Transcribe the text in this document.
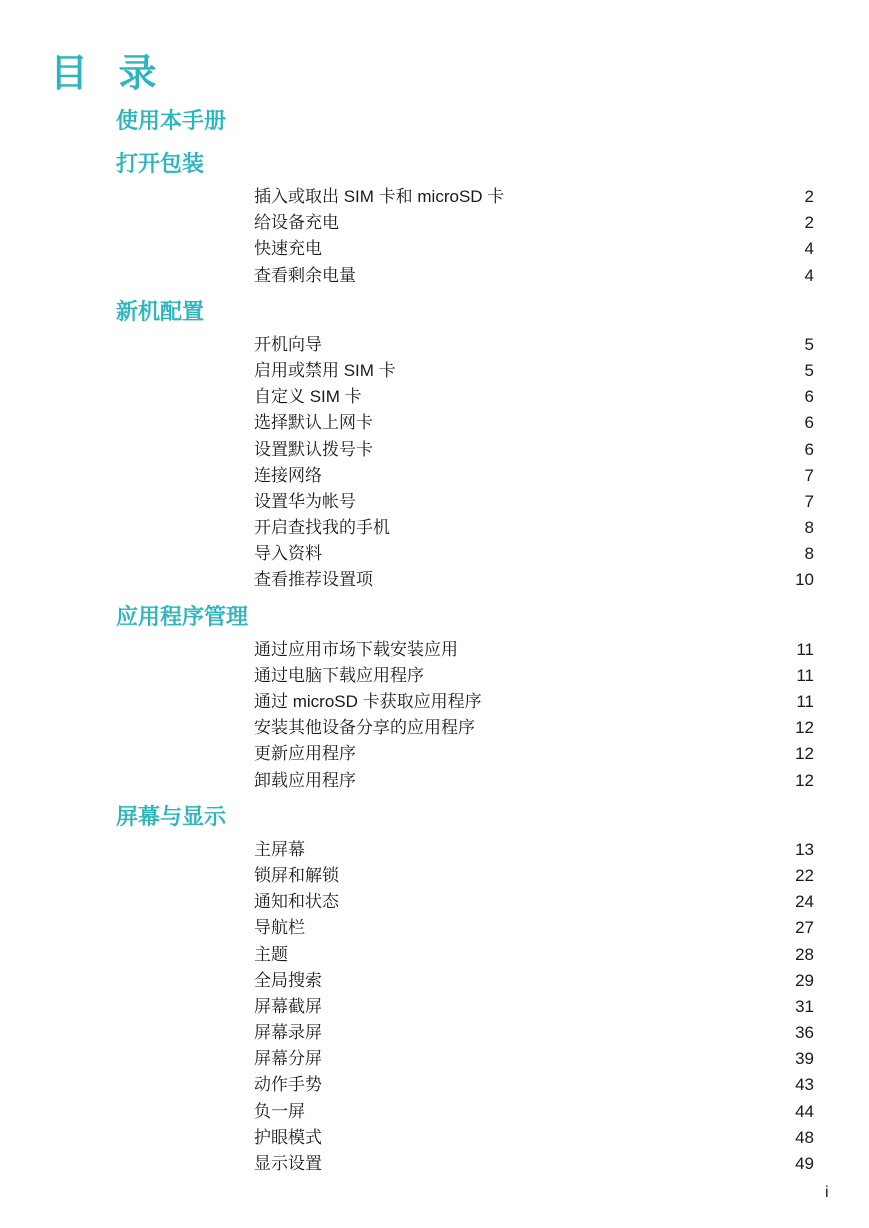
目 录
使用本手册
打开包装
插入或取出 SIM 卡和 microSD 卡	2
给设备充电	2
快速充电	4
查看剩余电量	4
新机配置
开机向导	5
启用或禁用 SIM 卡	5
自定义 SIM 卡	6
选择默认上网卡	6
设置默认拨号卡	6
连接网络	7
设置华为帐号	7
开启查找我的手机	8
导入资料	8
查看推荐设置项	10
应用程序管理
通过应用市场下载安装应用	11
通过电脑下载应用程序	11
通过 microSD 卡获取应用程序	11
安装其他设备分享的应用程序	12
更新应用程序	12
卸载应用程序	12
屏幕与显示
主屏幕	13
锁屏和解锁	22
通知和状态	24
导航栏	27
主题	28
全局搜索	29
屏幕截屏	31
屏幕录屏	36
屏幕分屏	39
动作手势	43
负一屏	44
护眼模式	48
显示设置	49
i
